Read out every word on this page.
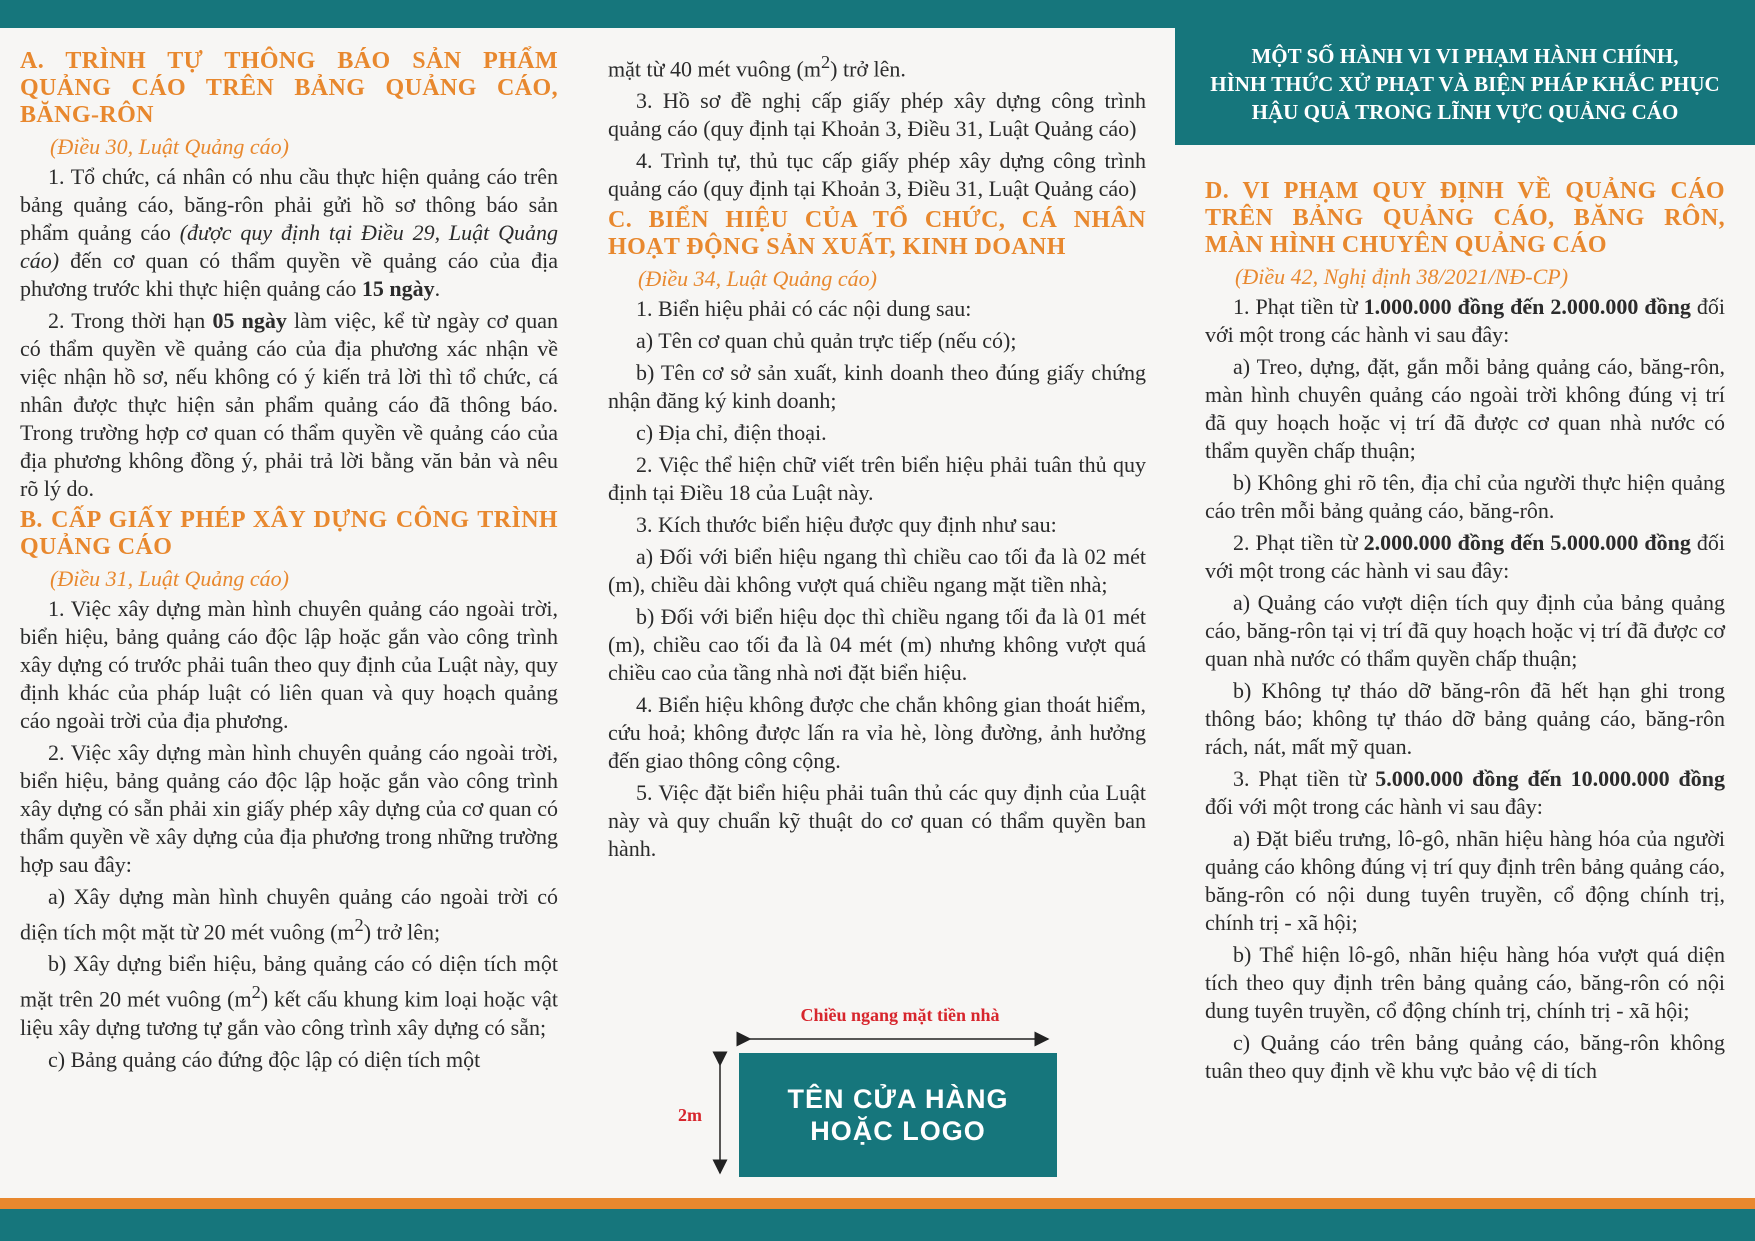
A. TRÌNH TỰ THÔNG BÁO SẢN PHẨM QUẢNG CÁO TRÊN BẢNG QUẢNG CÁO, BĂNG-RÔN
(Điều 30, Luật Quảng cáo)

1. Tổ chức, cá nhân có nhu cầu thực hiện quảng cáo trên bảng quảng cáo, băng-rôn phải gửi hồ sơ thông báo sản phẩm quảng cáo (được quy định tại Điều 29, Luật Quảng cáo) đến cơ quan có thẩm quyền về quảng cáo của địa phương trước khi thực hiện quảng cáo 15 ngày.

2. Trong thời hạn 05 ngày làm việc, kể từ ngày cơ quan có thẩm quyền về quảng cáo của địa phương xác nhận về việc nhận hồ sơ, nếu không có ý kiến trả lời thì tổ chức, cá nhân được thực hiện sản phẩm quảng cáo đã thông báo. Trong trường hợp cơ quan có thẩm quyền về quảng cáo của địa phương không đồng ý, phải trả lời bằng văn bản và nêu rõ lý do.

B. CẤP GIẤY PHÉP XÂY DỰNG CÔNG TRÌNH QUẢNG CÁO
(Điều 31, Luật Quảng cáo)

1. Việc xây dựng màn hình chuyên quảng cáo ngoài trời, biển hiệu, bảng quảng cáo độc lập hoặc gắn vào công trình xây dựng có trước phải tuân theo quy định của Luật này, quy định khác của pháp luật có liên quan và quy hoạch quảng cáo ngoài trời của địa phương.

2. Việc xây dựng màn hình chuyên quảng cáo ngoài trời, biển hiệu, bảng quảng cáo độc lập hoặc gắn vào công trình xây dựng có sẵn phải xin giấy phép xây dựng của cơ quan có thẩm quyền về xây dựng của địa phương trong những trường hợp sau đây:

a) Xây dựng màn hình chuyên quảng cáo ngoài trời có diện tích một mặt từ 20 mét vuông $(m^2)$ trở lên;

b) Xây dựng biển hiệu, bảng quảng cáo có diện tích một mặt trên 20 mét vuông $(m^2)$ kết cấu khung kim loại hoặc vật liệu xây dựng tương tự gắn vào công trình xây dựng có sẵn;

c) Bảng quảng cáo đứng độc lập có diện tích một

mặt từ 40 mét vuông $(m^2)$ trở lên.

3. Hồ sơ đề nghị cấp giấy phép xây dựng công trình quảng cáo (quy định tại Khoản 3, Điều 31, Luật Quảng cáo)

4. Trình tự, thủ tục cấp giấy phép xây dựng công trình quảng cáo (quy định tại Khoản 3, Điều 31, Luật Quảng cáo)

C. BIỂN HIỆU CỦA TỔ CHỨC, CÁ NHÂN HOẠT ĐỘNG SẢN XUẤT, KINH DOANH
(Điều 34, Luật Quảng cáo)

1. Biển hiệu phải có các nội dung sau:

a) Tên cơ quan chủ quản trực tiếp (nếu có);

b) Tên cơ sở sản xuất, kinh doanh theo đúng giấy chứng nhận đăng ký kinh doanh;

c) Địa chỉ, điện thoại.

2. Việc thể hiện chữ viết trên biển hiệu phải tuân thủ quy định tại Điều 18 của Luật này.

3. Kích thước biển hiệu được quy định như sau:

a) Đối với biển hiệu ngang thì chiều cao tối đa là 02 mét (m), chiều dài không vượt quá chiều ngang mặt tiền nhà;

b) Đối với biển hiệu dọc thì chiều ngang tối đa là 01 mét (m), chiều cao tối đa là 04 mét (m) nhưng không vượt quá chiều cao của tầng nhà nơi đặt biển hiệu.

4. Biển hiệu không được che chắn không gian thoát hiểm, cứu hoả; không được lấn ra vỉa hè, lòng đường, ảnh hưởng đến giao thông công cộng.

5. Việc đặt biển hiệu phải tuân thủ các quy định của Luật này và quy chuẩn kỹ thuật do cơ quan có thẩm quyền ban hành.

Chiều ngang mặt tiền nhà
2m
TÊN CỬA HÀNG
HOẶC LOGO
MỘT SỐ HÀNH VI VI PHẠM HÀNH CHÍNH,
HÌNH THỨC XỬ PHẠT VÀ BIỆN PHÁP KHẮC PHỤC
HẬU QUẢ TRONG LĨNH VỰC QUẢNG CÁO
D. VI PHẠM QUY ĐỊNH VỀ QUẢNG CÁO TRÊN BẢNG QUẢNG CÁO, BĂNG RÔN, MÀN HÌNH CHUYÊN QUẢNG CÁO
(Điều 42, Nghị định 38/2021/NĐ-CP)

1. Phạt tiền từ 1.000.000 đồng đến 2.000.000 đồng đối với một trong các hành vi sau đây:

a) Treo, dựng, đặt, gắn mỗi bảng quảng cáo, băng-rôn, màn hình chuyên quảng cáo ngoài trời không đúng vị trí đã quy hoạch hoặc vị trí đã được cơ quan nhà nước có thẩm quyền chấp thuận;

b) Không ghi rõ tên, địa chỉ của người thực hiện quảng cáo trên mỗi bảng quảng cáo, băng-rôn.

2. Phạt tiền từ 2.000.000 đồng đến 5.000.000 đồng đối với một trong các hành vi sau đây:

a) Quảng cáo vượt diện tích quy định của bảng quảng cáo, băng-rôn tại vị trí đã quy hoạch hoặc vị trí đã được cơ quan nhà nước có thẩm quyền chấp thuận;

b) Không tự tháo dỡ băng-rôn đã hết hạn ghi trong thông báo; không tự tháo dỡ bảng quảng cáo, băng-rôn rách, nát, mất mỹ quan.

3. Phạt tiền từ 5.000.000 đồng đến 10.000.000 đồng đối với một trong các hành vi sau đây:

a) Đặt biểu trưng, lô-gô, nhãn hiệu hàng hóa của người quảng cáo không đúng vị trí quy định trên bảng quảng cáo, băng-rôn có nội dung tuyên truyền, cổ động chính trị, chính trị - xã hội;

b) Thể hiện lô-gô, nhãn hiệu hàng hóa vượt quá diện tích theo quy định trên bảng quảng cáo, băng-rôn có nội dung tuyên truyền, cổ động chính trị, chính trị - xã hội;

c) Quảng cáo trên bảng quảng cáo, băng-rôn không tuân theo quy định về khu vực bảo vệ di tích
